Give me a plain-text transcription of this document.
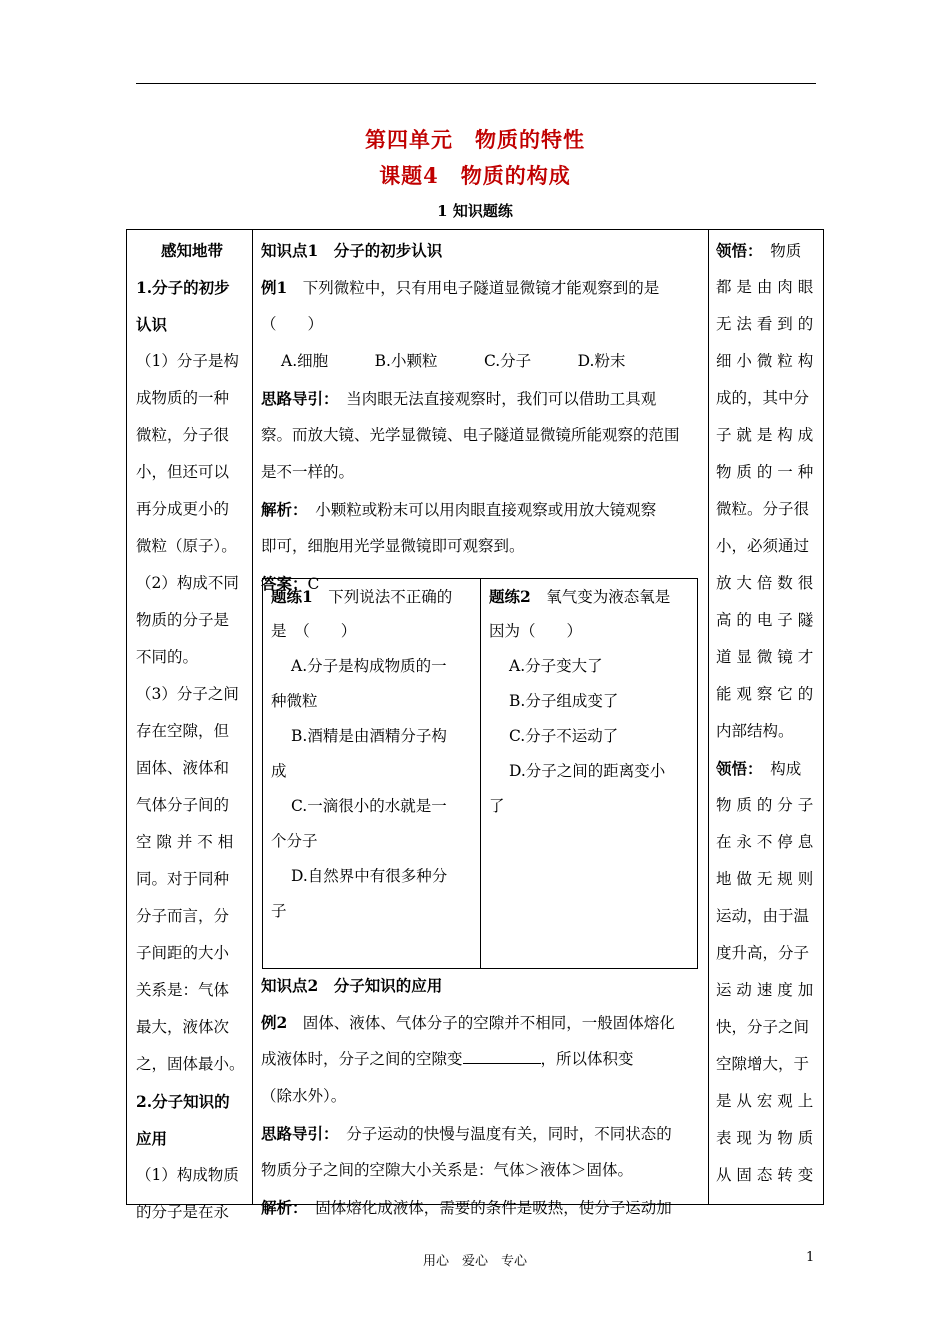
第四单元　物质的特性
课题4　物质的构成
1 知识题练
感知地带
1.分子的初步
认识
（1）分子是构
成物质的一种
微粒，分子很
小，但还可以
再分成更小的
微粒（原子）。
（2）构成不同
物质的分子是
不同的。
（3）分子之间
存在空隙，但
固体、液体和
气体分子间的
空 隙 并 不 相
同。对于同种
分子而言，分
子间距的大小
关系是：气体
最大，液体次
之，固体最小。
2.分子知识的
应用
（1）构成物质
的分子是在永
知识点1　分子的初步认识
例1　下列微粒中，只有用电子隧道显微镜才能观察到的是
（　　）
A.细胞　　　B.小颗粒　　　C.分子　　　D.粉末
思路导引：　当肉眼无法直接观察时，我们可以借助工具观
察。而放大镜、光学显微镜、电子隧道显微镜所能观察的范围
是不一样的。
解析：　小颗粒或粉末可以用肉眼直接观察或用放大镜观察
即可，细胞用光学显微镜即可观察到。
答案：C
题练1　下列说法不正确的
是　（　　）
A.分子是构成物质的一
种微粒
B.酒精是由酒精分子构
成
C.一滴很小的水就是一
个分子
D.自然界中有很多种分
子
题练2　氧气变为液态氧是
因为（　　）
A.分子变大了
B.分子组成变了
C.分子不运动了
D.分子之间的距离变小
了
知识点2　分子知识的应用
例2　固体、液体、气体分子的空隙并不相同，一般固体熔化
成液体时，分子之间的空隙变	，所以体积变
（除水外）。
思路导引：　分子运动的快慢与温度有关，同时，不同状态的
物质分子之间的空隙大小关系是：气体＞液体＞固体。
解析：　固体熔化成液体，需要的条件是吸热，使分子运动加
领悟：　物质
都 是 由 肉 眼
无 法 看 到 的
细 小 微 粒 构
成的，其中分
子 就 是 构 成
物 质 的 一 种
微粒。分子很
小，必须通过
放 大 倍 数 很
高 的 电 子 隧
道 显 微 镜 才
能 观 察 它 的
内部结构。
领悟：　构成
物 质 的 分 子
在 永 不 停 息
地 做 无 规 则
运动，由于温
度升高，分子
运 动 速 度 加
快，分子之间
空隙增大，于
是 从 宏 观 上
表 现 为 物 质
从 固 态 转 变
用心　爱心　专心	1
